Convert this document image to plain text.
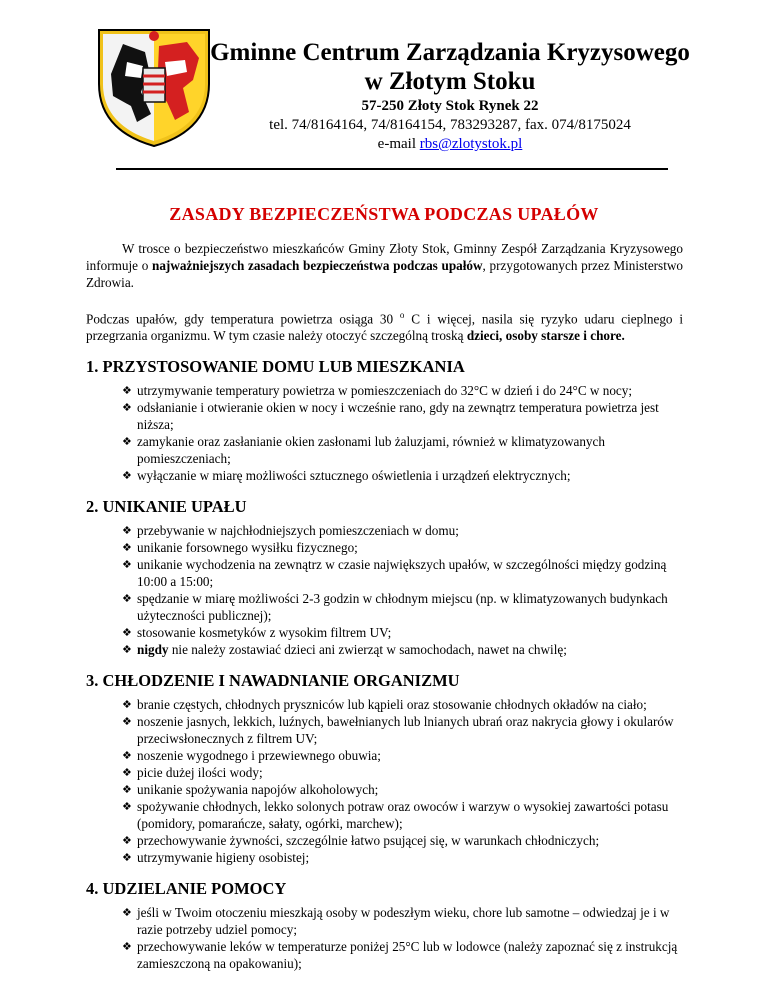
Gminne Centrum Zarządzania Kryzysowego
w Złotym Stoku
57-250 Złoty Stok Rynek 22
tel. 74/8164164, 74/8164154, 783293287, fax. 074/8175024
e-mail rbs@zlotystok.pl
ZASADY BEZPIECZEŃSTWA PODCZAS UPAŁÓW

W trosce o bezpieczeństwo mieszkańców Gminy Złoty Stok, Gminny Zespół Zarządzania Kryzysowego informuje o najważniejszych zasadach bezpieczeństwa podczas upałów, przygotowanych przez Ministerstwo Zdrowia.

Podczas upałów, gdy temperatura powietrza osiąga 30 $^o$ C i więcej, nasila się ryzyko udaru cieplnego i przegrzania organizmu. W tym czasie należy otoczyć szczególną troską dzieci, osoby starsze i chore.

1. PRZYSTOSOWANIE DOMU LUB MIESZKANIA
❖ utrzymywanie temperatury powietrza w pomieszczeniach do 32°C w dzień i do 24°C w nocy;
❖ odsłanianie i otwieranie okien w nocy i wcześnie rano, gdy na zewnątrz temperatura powietrza jest niższa;
❖ zamykanie oraz zasłanianie okien zasłonami lub żaluzjami, również w klimatyzowanych pomieszczeniach;
❖ wyłączanie w miarę możliwości sztucznego oświetlenia i urządzeń elektrycznych;
2. UNIKANIE UPAŁU
❖ przebywanie w najchłodniejszych pomieszczeniach w domu;
❖ unikanie forsownego wysiłku fizycznego;
❖ unikanie wychodzenia na zewnątrz w czasie największych upałów, w szczególności między godziną 10:00 a 15:00;
❖ spędzanie w miarę możliwości 2-3 godzin w chłodnym miejscu (np. w klimatyzowanych budynkach użyteczności publicznej);
❖ stosowanie kosmetyków z wysokim filtrem UV;
❖ nigdy nie należy zostawiać dzieci ani zwierząt w samochodach, nawet na chwilę;
3. CHŁODZENIE I NAWADNIANIE ORGANIZMU
❖ branie częstych, chłodnych pryszniców lub kąpieli oraz stosowanie chłodnych okładów na ciało;
❖ noszenie jasnych, lekkich, luźnych, bawełnianych lub lnianych ubrań oraz nakrycia głowy i okularów przeciwsłonecznych z filtrem UV;
❖ noszenie wygodnego i przewiewnego obuwia;
❖ picie dużej ilości wody;
❖ unikanie spożywania napojów alkoholowych;
❖ spożywanie chłodnych, lekko solonych potraw oraz owoców i warzyw o wysokiej zawartości potasu (pomidory, pomarańcze, sałaty, ogórki, marchew);
❖ przechowywanie żywności, szczególnie łatwo psującej się, w warunkach chłodniczych;
❖ utrzymywanie higieny osobistej;
4. UDZIELANIE POMOCY
❖ jeśli w Twoim otoczeniu mieszkają osoby w podeszłym wieku, chore lub samotne – odwiedzaj je i w razie potrzeby udziel pomocy;
❖ przechowywanie leków w temperaturze poniżej 25°C lub w lodowce (należy zapoznać się z instrukcją zamieszczoną na opakowaniu);
